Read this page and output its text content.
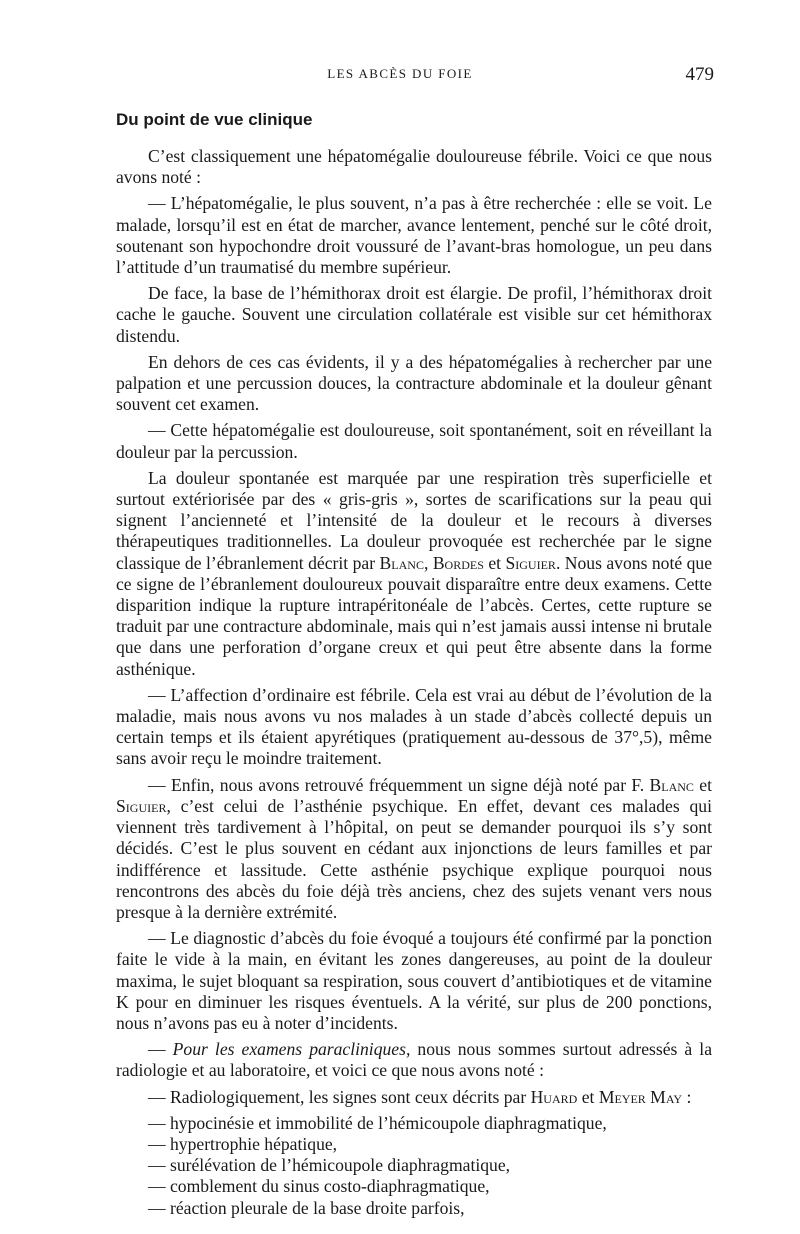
LES ABCÈS DU FOIE	479
Du point de vue clinique

C’est classiquement une hépatomégalie douloureuse fébrile. Voici ce que nous avons noté :

— L’hépatomégalie, le plus souvent, n’a pas à être recherchée : elle se voit. Le malade, lorsqu’il est en état de marcher, avance lentement, penché sur le côté droit, soutenant son hypochondre droit voussuré de l’avant-bras homologue, un peu dans l’attitude d’un traumatisé du membre supérieur.

De face, la base de l’hémithorax droit est élargie. De profil, l’hémithorax droit cache le gauche. Souvent une circulation collatérale est visible sur cet hémithorax distendu.

En dehors de ces cas évidents, il y a des hépatomégalies à rechercher par une palpation et une percussion douces, la contracture abdominale et la douleur gênant souvent cet examen.

— Cette hépatomégalie est douloureuse, soit spontanément, soit en réveillant la douleur par la percussion.

La douleur spontanée est marquée par une respiration très superficielle et surtout extériorisée par des « gris-gris », sortes de scarifications sur la peau qui signent l’ancienneté et l’intensité de la douleur et le recours à diverses thérapeutiques traditionnelles. La douleur provoquée est recherchée par le signe classique de l’ébranlement décrit par Blanc, Bordes et Siguier. Nous avons noté que ce signe de l’ébranlement douloureux pouvait disparaître entre deux examens. Cette disparition indique la rupture intrapéritonéale de l’abcès. Certes, cette rupture se traduit par une contracture abdominale, mais qui n’est jamais aussi intense ni brutale que dans une perforation d’organe creux et qui peut être absente dans la forme asthénique.

— L’affection d’ordinaire est fébrile. Cela est vrai au début de l’évolution de la maladie, mais nous avons vu nos malades à un stade d’abcès collecté depuis un certain temps et ils étaient apyrétiques (pratiquement au-dessous de 37°,5), même sans avoir reçu le moindre traitement.

— Enfin, nous avons retrouvé fréquemment un signe déjà noté par F. Blanc et Siguier, c’est celui de l’asthénie psychique. En effet, devant ces malades qui viennent très tardivement à l’hôpital, on peut se demander pourquoi ils s’y sont décidés. C’est le plus souvent en cédant aux injonctions de leurs familles et par indifférence et lassitude. Cette asthénie psychique explique pourquoi nous rencontrons des abcès du foie déjà très anciens, chez des sujets venant vers nous presque à la dernière extrémité.

— Le diagnostic d’abcès du foie évoqué a toujours été confirmé par la ponction faite le vide à la main, en évitant les zones dangereuses, au point de la douleur maxima, le sujet bloquant sa respiration, sous couvert d’antibiotiques et de vitamine K pour en diminuer les risques éventuels. A la vérité, sur plus de 200 ponctions, nous n’avons pas eu à noter d’incidents.

— Pour les examens paracliniques, nous nous sommes surtout adressés à la radiologie et au laboratoire, et voici ce que nous avons noté :

— Radiologiquement, les signes sont ceux décrits par Huard et Meyer May :

— hypocinésie et immobilité de l’hémicoupole diaphragmatique,
— hypertrophie hépatique,
— surélévation de l’hémicoupole diaphragmatique,
— comblement du sinus costo-diaphragmatique,
— réaction pleurale de la base droite parfois,
